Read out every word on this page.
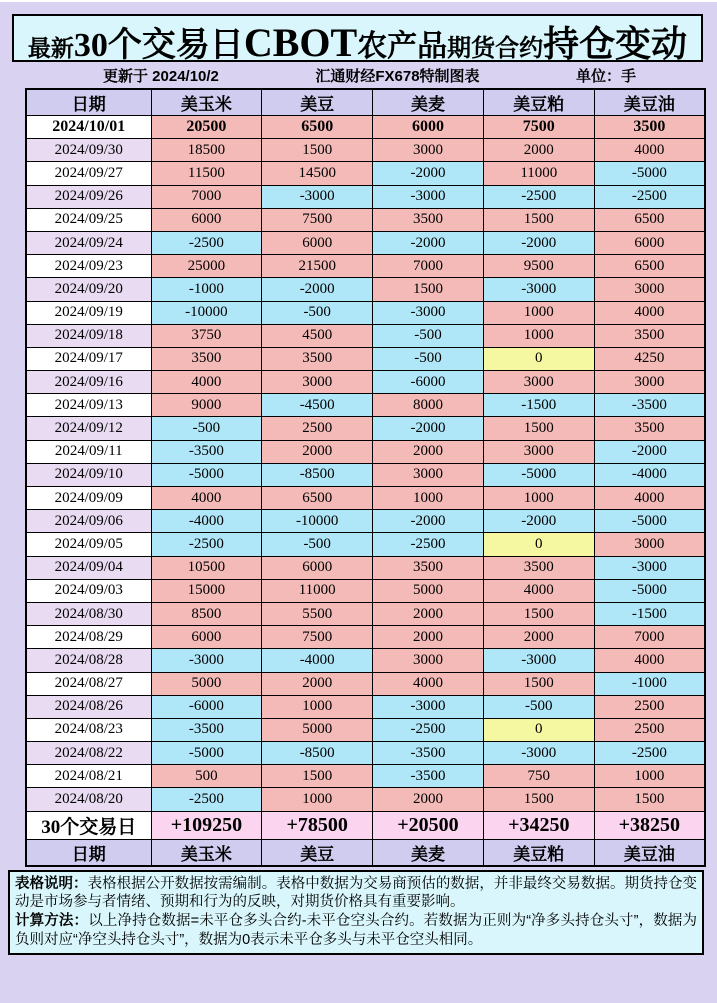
最新 30个交易日 CBOT 农产品 期货合约 持仓变动
更新于 2024/10/2	汇通财经FX678特制图表	单位：手
日期	美玉米	美豆	美麦	美豆粕	美豆油
2024/10/01	20500	6500	6000	7500	3500
2024/09/30	18500	1500	3000	2000	4000
2024/09/27	11500	14500	-2000	11000	-5000
2024/09/26	7000	-3000	-3000	-2500	-2500
2024/09/25	6000	7500	3500	1500	6500
2024/09/24	-2500	6000	-2000	-2000	6000
2024/09/23	25000	21500	7000	9500	6500
2024/09/20	-1000	-2000	1500	-3000	3000
2024/09/19	-10000	-500	-3000	1000	4000
2024/09/18	3750	4500	-500	1000	3500
2024/09/17	3500	3500	-500	0	4250
2024/09/16	4000	3000	-6000	3000	3000
2024/09/13	9000	-4500	8000	-1500	-3500
2024/09/12	-500	2500	-2000	1500	3500
2024/09/11	-3500	2000	2000	3000	-2000
2024/09/10	-5000	-8500	3000	-5000	-4000
2024/09/09	4000	6500	1000	1000	4000
2024/09/06	-4000	-10000	-2000	-2000	-5000
2024/09/05	-2500	-500	-2500	0	3000
2024/09/04	10500	6000	3500	3500	-3000
2024/09/03	15000	11000	5000	4000	-5000
2024/08/30	8500	5500	2000	1500	-1500
2024/08/29	6000	7500	2000	2000	7000
2024/08/28	-3000	-4000	3000	-3000	4000
2024/08/27	5000	2000	4000	1500	-1000
2024/08/26	-6000	1000	-3000	-500	2500
2024/08/23	-3500	5000	-2500	0	2500
2024/08/22	-5000	-8500	-3500	-3000	-2500
2024/08/21	500	1500	-3500	750	1000
2024/08/20	-2500	1000	2000	1500	1500
30个交易日	+109250	+78500	+20500	+34250	+38250
日期	美玉米	美豆	美麦	美豆粕	美豆油
表格说明：表格根据公开数据按需编制。表格中数据为交易商预估的数据，并非最终交易数据。期货持仓变动是市场参与者情绪、预期和行为的反映，对期货价格具有重要影响。
计算方法：以上净持仓数据=未平仓多头合约-未平仓空头合约。若数据为正则为“净多头持仓头寸”，数据为负则对应“净空头持仓头寸”，数据为0表示未平仓多头与未平仓空头相同。
